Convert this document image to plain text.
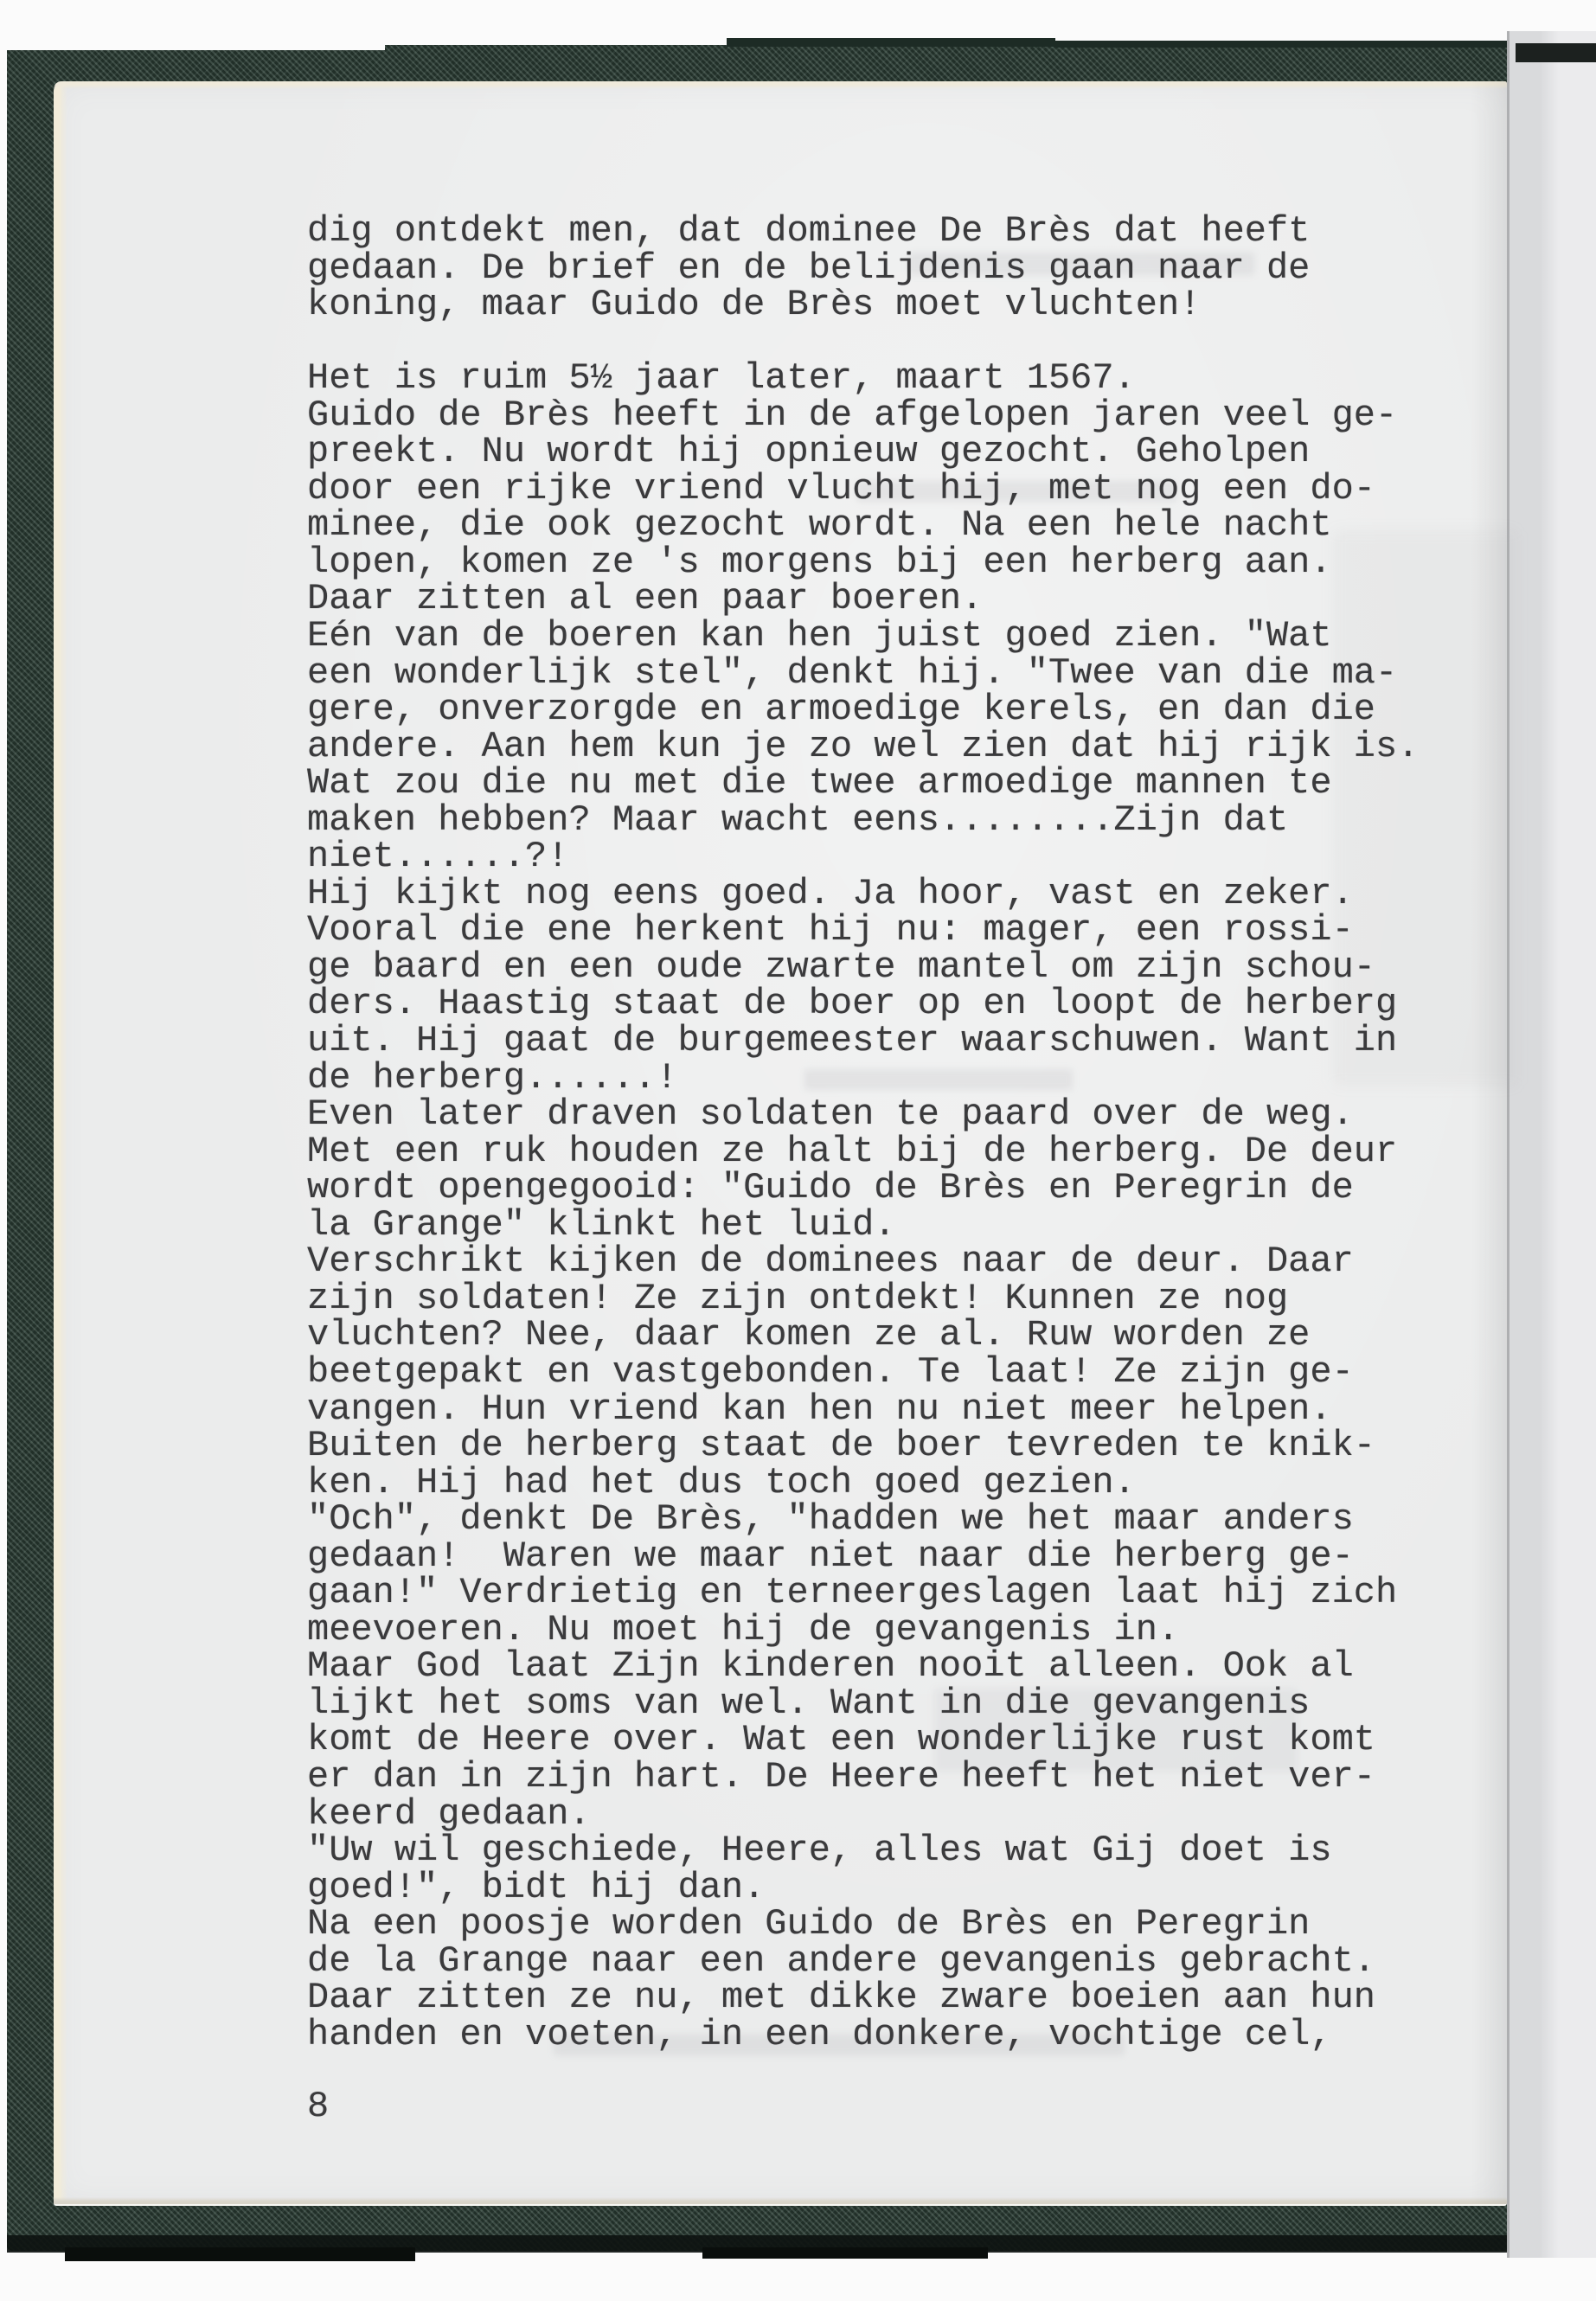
dig ontdekt men, dat dominee De Brès dat heeft
gedaan. De brief en de belijdenis gaan naar de
koning, maar Guido de Brès moet vluchten!

Het is ruim 5½ jaar later, maart 1567.
Guido de Brès heeft in de afgelopen jaren veel ge-
preekt. Nu wordt hij opnieuw gezocht. Geholpen
door een rijke vriend vlucht hij, met nog een do-
minee, die ook gezocht wordt. Na een hele nacht
lopen, komen ze 's morgens bij een herberg aan.
Daar zitten al een paar boeren.
Eén van de boeren kan hen juist goed zien. "Wat
een wonderlijk stel", denkt hij. "Twee van die ma-
gere, onverzorgde en armoedige kerels, en dan die
andere. Aan hem kun je zo wel zien dat hij rijk is.
Wat zou die nu met die twee armoedige mannen te
maken hebben? Maar wacht eens........Zijn dat
niet......?!
Hij kijkt nog eens goed. Ja hoor, vast en zeker.
Vooral die ene herkent hij nu: mager, een rossi-
ge baard en een oude zwarte mantel om zijn schou-
ders. Haastig staat de boer op en loopt de herberg
uit. Hij gaat de burgemeester waarschuwen. Want in
de herberg......!
Even later draven soldaten te paard over de weg.
Met een ruk houden ze halt bij de herberg. De deur
wordt opengegooid: "Guido de Brès en Peregrin de
la Grange" klinkt het luid.
Verschrikt kijken de dominees naar de deur. Daar
zijn soldaten! Ze zijn ontdekt! Kunnen ze nog
vluchten? Nee, daar komen ze al. Ruw worden ze
beetgepakt en vastgebonden. Te laat! Ze zijn ge-
vangen. Hun vriend kan hen nu niet meer helpen.
Buiten de herberg staat de boer tevreden te knik-
ken. Hij had het dus toch goed gezien.
"Och", denkt De Brès, "hadden we het maar anders
gedaan!  Waren we maar niet naar die herberg ge-
gaan!" Verdrietig en terneergeslagen laat hij zich
meevoeren. Nu moet hij de gevangenis in.
Maar God laat Zijn kinderen nooit alleen. Ook al
lijkt het soms van wel. Want in die gevangenis
komt de Heere over. Wat een wonderlijke rust komt
er dan in zijn hart. De Heere heeft het niet ver-
keerd gedaan.
"Uw wil geschiede, Heere, alles wat Gij doet is
goed!", bidt hij dan.
Na een poosje worden Guido de Brès en Peregrin
de la Grange naar een andere gevangenis gebracht.
Daar zitten ze nu, met dikke zware boeien aan hun
handen en voeten, in een donkere, vochtige cel,
8
